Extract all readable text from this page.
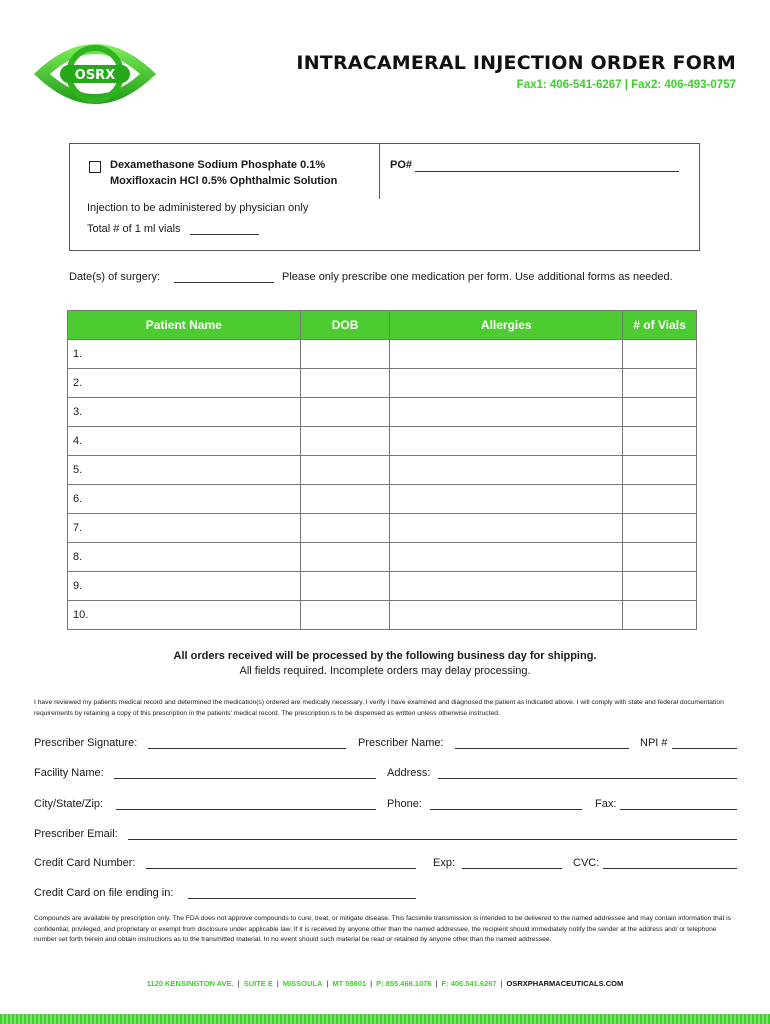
OSRX
INTRACAMERAL INJECTION ORDER FORM
Fax1: 406-541-6267 | Fax2: 406-493-0757
Dexamethasone Sodium Phosphate 0.1%
Moxifloxacin HCl 0.5% Ophthalmic Solution
PO#
Injection to be administered by physician only
Total # of 1 ml vials
Date(s) of surgery:	Please only prescribe one medication per form. Use additional forms as needed.
Patient Name	DOB	Allergies	# of Vials
1.			
2.			
3.			
4.			
5.			
6.			
7.			
8.			
9.			
10.			
All orders received will be processed by the following business day for shipping.
All fields required. Incomplete orders may delay processing.
I have reviewed my patients medical record and determined the medication(s) ordered are medically necessary. I verify I have examined and diagnosed the patient as indicated above. I will comply with state and federal documentation requirements by retaining a copy of this prescription in the patients' medical record. The prescription is to be dispensed as written unless otherwise instructed.
Prescriber Signature:	Prescriber Name:	NPI #
Facility Name:	Address:
City/State/Zip:	Phone:	Fax:
Prescriber Email:
Credit Card Number:	Exp:	CVC:
Credit Card on file ending in:
Compounds are available by prescription only. The FDA does not approve compounds to cure, treat, or mitigate disease. This facsimile transmission is intended to be delivered to the named addressee and may contain information that is confidential, privileged, and proprietary or exempt from disclosure under applicable law. If it is received by anyone other than the named addressee, the recipient should immediately notify the sender at the address and/ or telephone number set forth herein and obtain instructions as to the transmitted material. In no event should such material be read or retained by anyone other than the named addressee.
1120 KENSINGTON AVE. | SUITE E | MISSOULA | MT 59801 | P: 855.466.1076 | F: 406.541.6267 | OSRXPHARMACEUTICALS.COM
